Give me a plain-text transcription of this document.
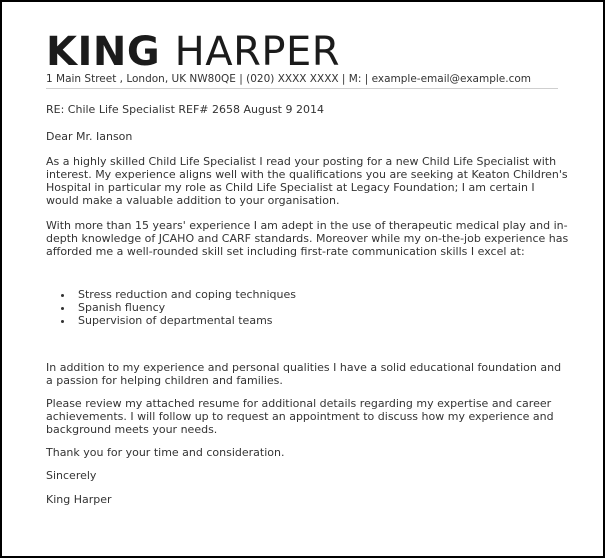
KING HARPER
1 Main Street , London, UK NW80QE | (020) XXXX XXXX | M: | example-email@example.com

RE: Chile Life Specialist REF# 2658 August 9 2014

Dear Mr. Ianson

As a highly skilled Child Life Specialist I read your posting for a new Child Life Specialist with interest. My experience aligns well with the qualifications you are seeking at Keaton Children's Hospital in particular my role as Child Life Specialist at Legacy Foundation; I am certain I would make a valuable addition to your organisation.

With more than 15 years' experience I am adept in the use of therapeutic medical play and in-depth knowledge of JCAHO and CARF standards. Moreover while my on-the-job experience has afforded me a well-rounded skill set including first-rate communication skills I excel at:

• Stress reduction and coping techniques
• Spanish fluency
• Supervision of departmental teams

In addition to my experience and personal qualities I have a solid educational foundation and a passion for helping children and families.

Please review my attached resume for additional details regarding my expertise and career achievements. I will follow up to request an appointment to discuss how my experience and background meets your needs.

Thank you for your time and consideration.

Sincerely

King Harper
